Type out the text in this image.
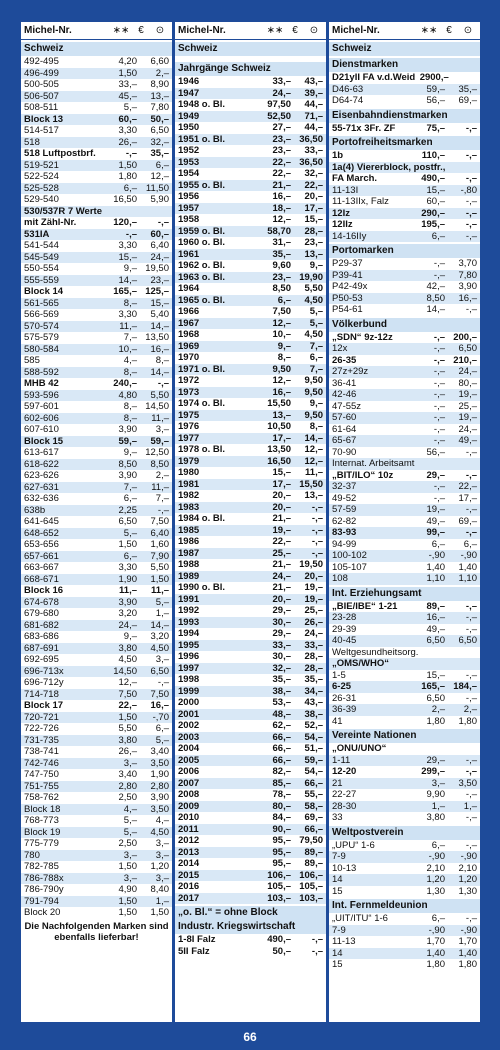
Michel-Nr.	∗∗ €	⊙
Schweiz
492-495	4,20	6,60
496-499	1,50	2,–
500-505	33,–	8,90
506-507	45,–	13,–
508-511	5,–	7,80
Block 13	60,–	50,–
514-517	3,30	6,50
518	26,–	32,–
518 Luftpostbrf.	-,–	35,–
519-521	1,50	6,–
522-524	1,80	12,–
525-528	6,– 11,50
529-540	16,50	5,90
530/537R 7 Werte
mit Zähl-Nr.	120,–	-,–
531IA	-,–	60,–
541-544	3,30	6,40
545-549	15,–	24,–
550-554	9,– 19,50
555-559	14,–	23,–
Block 14	165,– 125,–
561-565	8,–	15,–
566-569	3,30	5,40
570-574	11,–	14,–
575-579	7,– 13,50
580-584	10,–	16,–
585	4,–	8,–
588-592	8,–	14,–
MHB 42	240,–	-,–
593-596	4,80	5,50
597-601	8,– 14,50
602-606	8,–	11,–
607-610	3,90	3,–
Block 15	59,–	59,–
613-617	9,– 12,50
618-622	8,50	8,50
623-626	3,90	2,–
627-631	7,–	11,–
632-636	6,–	7,–
638b	2,25	-,–
641-645	6,50	7,50
648-652	5,–	6,40
653-656	1,50	1,60
657-661	6,–	7,90
663-667	3,30	5,50
668-671	1,90	1,50
Block 16	11,–	11,–
674-678	3,90	5,–
679-680	3,20	1,–
681-682	24,–	14,–
683-686	9,–	3,20
687-691	3,80	4,50
692-695	4,50	3,–
696-713x	14,50	6,50
696-712y	12,–	-,–
714-718	7,50	7,50
Block 17	22,–	16,–
720-721	1,50	-,70
722-726	5,50	6,–
731-735	3,80	5,–
738-741	26,–	3,40
742-746	3,–	3,50
747-750	3,40	1,90
751-755	2,80	2,80
758-762	2,50	3,90
Block 18	4,–	3,50
768-773	5,–	4,–
Block 19	5,–	4,50
775-779	2,50	3,–
780	3,–	3,–
782-785	1,50	1,20
786-788x	3,–	3,–
786-790y	4,90	8,40
791-794	1,50	1,–
Block 20	1,50	1,50
Die Nachfolgenden Marken sind ebenfalls lieferbar!
Michel-Nr.	∗∗ €	⊙
Schweiz
Jahrgänge Schweiz
1946	33,–	43,–
1947	24,–	39,–
1948 o. Bl.	97,50	44,–
1949	52,50	71,–
1950	27,–	44,–
1951 o. Bl.	23,– 36,50
1952	23,–	33,–
1953	22,– 36,50
1954	22,–	32,–
1955 o. Bl.	21,–	22,–
1956	16,–	20,–
1957	18,–	17,–
1958	12,–	15,–
1959 o. Bl.	58,70	28,–
1960 o. Bl.	31,–	23,–
1961	35,–	13,–
1962 o. Bl.	9,60	9,–
1963 o. Bl.	23,– 19,90
1964	8,50	5,50
1965 o. Bl.	6,–	4,50
1966	7,50	5,–
1967	12,–	5,–
1968	10,–	4,50
1969	9,–	7,–
1970	8,–	6,–
1971 o. Bl.	9,50	7,–
1972	12,–	9,50
1973	16,–	9,50
1974 o. Bl.	15,50	9,–
1975	13,–	9,50
1976	10,50	8,–
1977	17,–	14,–
1978 o. Bl.	13,50	12,–
1979	16,50	12,–
1980	15,–	11,–
1981	17,– 15,50
1982	20,–	13,–
1983	20,–	-,–
1984 o. Bl.	21,–	-,–
1985	19,–	-,–
1986	22,–	-,–
1987	25,–	-,–
1988	21,– 19,50
1989	24,–	20,–
1990 o. Bl.	21,–	19,–
1991	20,–	19,–
1992	29,–	25,–
1993	30,–	26,–
1994	29,–	24,–
1995	33,–	33,–
1996	30,–	28,–
1997	32,–	28,–
1998	35,–	35,–
1999	38,–	34,–
2000	53,–	43,–
2001	48,–	38,–
2002	62,–	52,–
2003	66,–	54,–
2004	66,–	51,–
2005	66,–	59,–
2006	82,–	54,–
2007	85,–	66,–
2008	78,–	55,–
2009	80,–	58,–
2010	84,–	69,–
2011	90,–	66,–
2012	95,– 79,50
2013	95,–	89,–
2014	95,–	89,–
2015	106,– 106,–
2016	105,– 105,–
2017	103,– 103,–
„o. Bl.“ = ohne Block
Industr. Kriegswirtschaft
1-8I Falz	490,–	-,–
5II Falz	50,–	-,–
Michel-Nr.	∗∗ €	⊙
Schweiz
Dienstmarken
D21yII FA v.d.Weid 2900,–
D46-63	59,–	35,–
D64-74	56,–	69,–
Eisenbahndienstmarken
55-71x 3Fr. ZF	75,–	-,–
Portofreiheitsmarken
1b	110,–	-,–
1a(4) Viererblock, postfr.,
FA March.	490,–	-,–
11-13I	15,–	-,80
11-13IIx, Falz	60,–	-,–
12Iz	290,–	-,–
12IIz	195,–	-,–
14-16IIy	6,–	-,–
Portomarken
P29-37	-,–	3,70
P39-41	-,–	7,80
P42-49x	42,–	3,90
P50-53	8,50	16,–
P54-61	14,–	-,–
Völkerbund
„SDN“ 9z-12z	-,– 200,–
12x	-,–	6,50
26-35	-,– 210,–
27z+29z	-,–	24,–
36-41	-,–	80,–
42-46	-,–	19,–
47-55z	-,–	25,–
57-60	-,–	19,–
61-64	-,–	24,–
65-67	-,–	49,–
70-90	56,–	-,–
Internat. Arbeitsamt
„BIT/ILO“ 10z	29,–	-,–
32-37	-,–	22,–
49-52	-,–	17,–
57-59	19,–	-,–
62-82	49,–	69,–
83-93	99,–	-,–
94-99	6,–	6,–
100-102	-,90	-,90
105-107	1,40	1,40
108	1,10	1,10
Int. Erziehungsamt
„BIE/IBE“ 1-21	89,–	-,–
23-28	16,–	-,–
29-39	49,–	-,–
40-45	6,50	6,50
Weltgesundheitsorg.
„OMS/WHO“
1-5	15,–	-,–
6-25	165,– 184,–
26-31	6,50	-,–
36-39	2,–	2,–
41	1,80	1,80
Vereinte Nationen
„ONU/UNO“
1-11	29,–	-,–
12-20	299,–	-,–
21	3,–	3,50
22-27	9,90	-,–
28-30	1,–	1,–
33	3,80	-,–
Weltpostverein
„UPU“ 1-6	6,–	-,–
7-9	-,90	-,90
10-13	2,10	2,10
14	1,20	1,20
15	1,30	1,30
Int. Fernmeldeunion
„UIT/ITU“ 1-6	6,–	-,–
7-9	-,90	-,90
11-13	1,70	1,70
14	1,40	1,40
15	1,80	1,80
66
